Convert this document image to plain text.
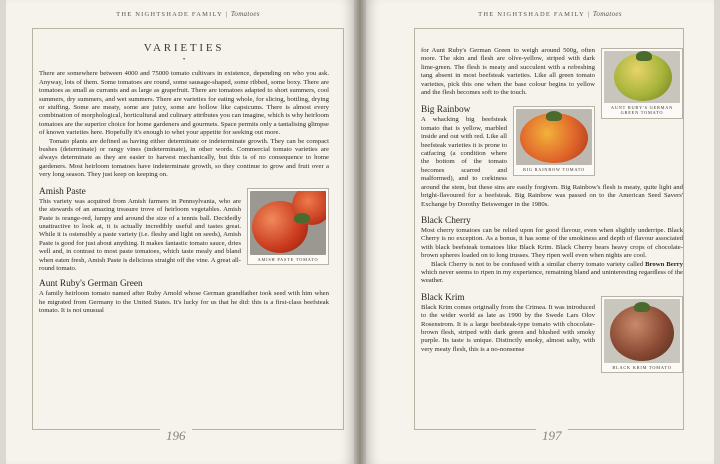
THE NIGHTSHADE FAMILY | Tomatoes
VARIETIES
•

There are somewhere between 4000 and 75000 tomato cultivars in existence, depending on who you ask. Anyway, lots of them. Some tomatoes are round, some sausage-shaped, some ribbed, some boxy. There are tomatoes as small as currants and as large as grapefruit. There are tomatoes adapted to short summers, cool summers, dry summers, and wet summers. There are varieties for eating whole, for slicing, bottling, drying or stuffing. Some are meaty, some are juicy, some are hollow like capsicums. There is almost every combination of morphological, horticultural and culinary attributes you can imagine, which is why heirloom tomatoes are the superior choice for home gardeners and gourmets. Space permits only a tantalising glimpse of known varieties here. Hopefully it's enough to whet your appetite for seeking out more.

Tomato plants are defined as having either determinate or indeterminate growth. They can be compact bushes (determinate) or rangy vines (indeterminate), in other words. Commercial tomato varieties are always determinate as they are easier to harvest mechanically, but this is of no consequence to home gardeners. Most heirloom tomatoes have indeterminate growth, so they continue to grow and fruit over a very long season. They just keep on keeping on.

Amish Paste
AMISH PASTE TOMATO

This variety was acquired from Amish farmers in Pennsylvania, who are the stewards of an amazing treasure trove of heirloom vegetables. Amish Paste is orange-red, lumpy and around the size of a tennis ball. Decidedly unattractive to look at, it is actually incredibly useful and tastes great. While it is ostensibly a paste variety (i.e. fleshy and light on seeds), Amish Paste is good for just about anything. It makes fantastic tomato sauce, dries well and, in contrast to most paste tomatoes, which taste mealy and bland when eaten fresh, Amish Paste is delicious straight off the vine. A great all-round tomato.

Aunt Ruby's German Green

A family heirloom tomato named after Ruby Arnold whose German grandfather took seed with him when he migrated from Germany to the United States. It's lucky for us that he did: this is a first-class beefsteak tomato. It is not unusual

196
THE NIGHTSHADE FAMILY | Tomatoes
AUNT RUBY'S GERMAN
GREEN TOMATO

for Aunt Ruby's German Green to weigh around 500g, often more. The skin and flesh are olive-yellow, striped with dark lime-green. The flesh is meaty and succulent with a refreshing tang absent in most beefsteak varieties. Like all green tomato varieties, pick this one when the base colour begins to yellow and the flesh becomes soft to the touch.

Big Rainbow
BIG RAINBOW TOMATO

A whacking big beefsteak tomato that is yellow, marbled inside and out with red. Like all beefsteak varieties it is prone to catfacing (a condition where the bottom of the tomato becomes scarred and malformed), and to corkiness around the stem, but these sins are easily forgiven. Big Rainbow's flesh is meaty, quite light and bright-flavoured for a beefsteak. Big Rainbow was passed on to the American Seed Savers' Exchange by Dorothy Beiswenger in the 1980s.

Black Cherry

Most cherry tomatoes can be relied upon for good flavour, even when slightly underripe. Black Cherry is no exception. As a bonus, it has some of the smokiness and depth of flavour associated with black beefsteak tomatoes like Black Krim. Black Cherry bears heavy crops of chocolate-brown spheres loaded on to long trusses. They ripen well even when nights are cool.

Black Cherry is not to be confused with a similar cherry tomato variety called Brown Berry which never seems to ripen in my experience, remaining bland and uninteresting regardless of the weather.

Black Krim
BLACK KRIM TOMATO

Black Krim comes originally from the Crimea. It was introduced to the wider world as late as 1990 by the Swede Lars Olov Rosenstrom. It is a large beefsteak-type tomato with chocolate-brown flesh, striped with dark green and blushed with smoky purple. Its taste is unique. Distinctly smoky, almost salty, with very meaty flesh, this is a no-nonsense

197
